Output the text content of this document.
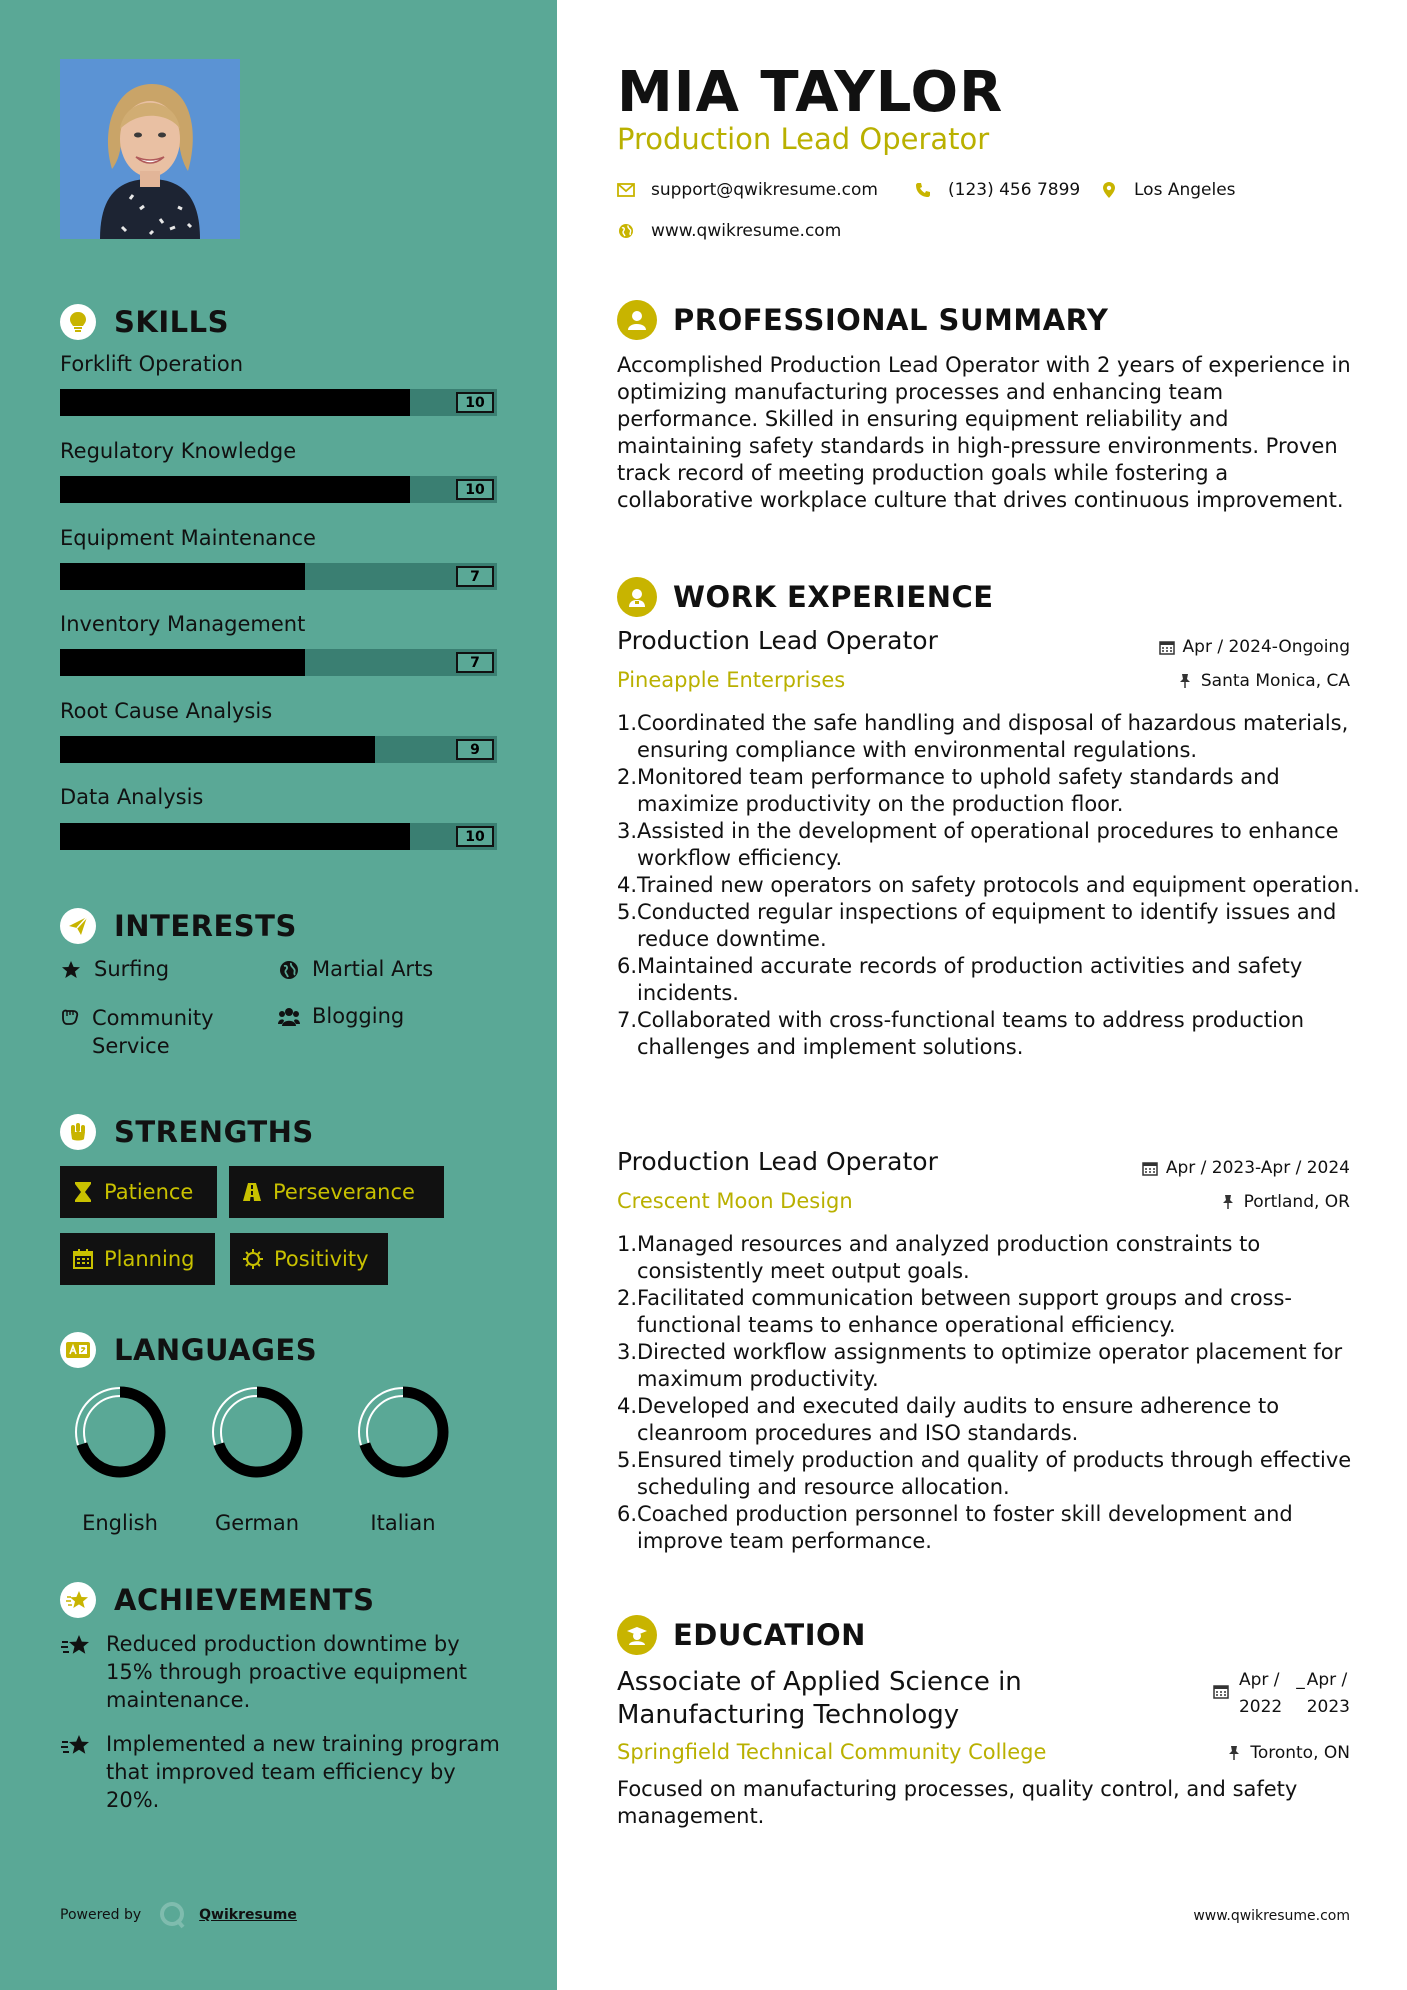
SKILLS
Forklift Operation
10
Regulatory Knowledge
10
Equipment Maintenance
7
Inventory Management
7
Root Cause Analysis
9
Data Analysis
10
INTERESTS
Surfing	Martial Arts
Community Service
Blogging
STRENGTHS
Patience	Perseverance
Planning	Positivity
LANGUAGES
English	German	Italian
ACHIEVEMENTS
Reduced production downtime by 15% through proactive equipment maintenance.
Implemented a new training program that improved team efficiency by 20%.
Powered by	Qwikresume
MIA TAYLOR
Production Lead Operator
support@qwikresume.com	(123) 456 7899	Los Angeles
www.qwikresume.com
PROFESSIONAL SUMMARY
Accomplished Production Lead Operator with 2 years of experience in optimizing manufacturing processes and enhancing team performance. Skilled in ensuring equipment reliability and maintaining safety standards in high-pressure environments. Proven track record of meeting production goals while fostering a collaborative workplace culture that drives continuous improvement.
WORK EXPERIENCE
Production Lead Operator
Pineapple Enterprises
Apr / 2024-Ongoing
Santa Monica, CA
1. Coordinated the safe handling and disposal of hazardous materials, ensuring compliance with environmental regulations.
2. Monitored team performance to uphold safety standards and maximize productivity on the production floor.
3. Assisted in the development of operational procedures to enhance workflow efficiency.
4. Trained new operators on safety protocols and equipment operation.
5. Conducted regular inspections of equipment to identify issues and reduce downtime.
6. Maintained accurate records of production activities and safety incidents.
7. Collaborated with cross-functional teams to address production challenges and implement solutions.
Production Lead Operator
Crescent Moon Design
Apr / 2023-Apr / 2024
Portland, OR
1. Managed resources and analyzed production constraints to consistently meet output goals.
2. Facilitated communication between support groups and cross-functional teams to enhance operational efficiency.
3. Directed workflow assignments to optimize operator placement for maximum productivity.
4. Developed and executed daily audits to ensure adherence to cleanroom procedures and ISO standards.
5. Ensured timely production and quality of products through effective scheduling and resource allocation.
6. Coached production personnel to foster skill development and improve team performance.
EDUCATION
Associate of Applied Science in Manufacturing Technology
Apr /
2022
_ Apr /
2023
Springfield Technical Community College	Toronto, ON
Focused on manufacturing processes, quality control, and safety management.
www.qwikresume.com
